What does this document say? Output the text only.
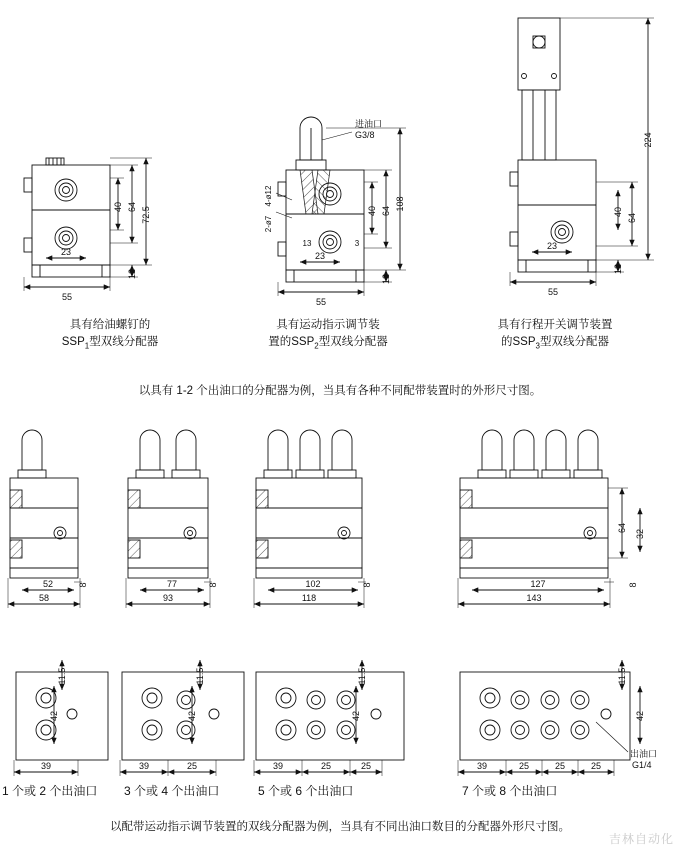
40 64 72.5
12
23
55
40 64 108
12
23
55
13	3
4-ø12
2-ø7
进油口
G3/8	224
64
40
12
23
55
52	8
58
77	8
93
102	8
118
127	8
143
64
32
11.5
42
39
11.5
42
39	25
11.5
42
39	25	25
11.5
42
39	25	25	25
出油口
G1/4
具有给油螺钉的
$SSP_1$型双线分配器
具有运动指示调节装
置的$SSP_2$型双线分配器
具有行程开关调节装置
的$SSP_3$型双线分配器
以具有 1-2 个出油口的分配器为例，当具有各种不同配带装置时的外形尺寸图。
1 个或 2 个出油口 3 个或 4 个出油口	5 个或 6 个出油口	7 个或 8 个出油口
以配带运动指示调节装置的双线分配器为例，当具有不同出油口数目的分配器外形尺寸图。
吉林自动化
